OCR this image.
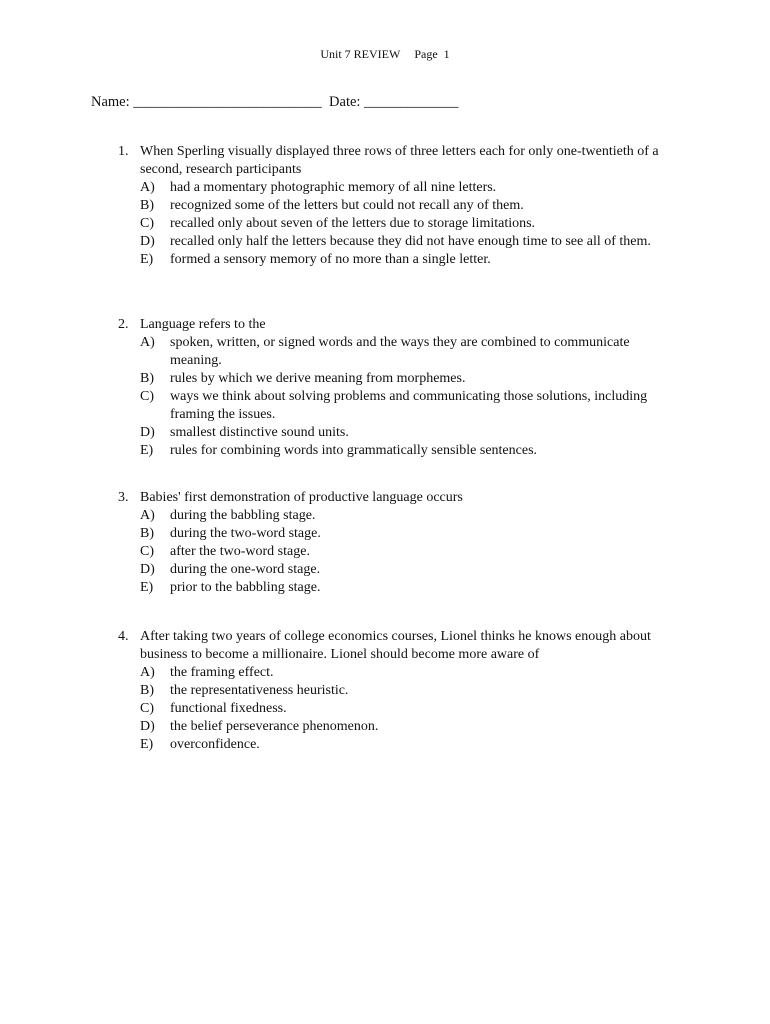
Unit 7 REVIEW Page 1
Name: __________________________ Date: _____________
1. When Sperling visually displayed three rows of three letters each for only one-twentieth of a second, research participants
A) had a momentary photographic memory of all nine letters.
B) recognized some of the letters but could not recall any of them.
C) recalled only about seven of the letters due to storage limitations.
D) recalled only half the letters because they did not have enough time to see all of them.
E) formed a sensory memory of no more than a single letter.
2. Language refers to the
A) spoken, written, or signed words and the ways they are combined to communicate meaning.
B) rules by which we derive meaning from morphemes.
C) ways we think about solving problems and communicating those solutions, including framing the issues.
D) smallest distinctive sound units.
E) rules for combining words into grammatically sensible sentences.
3. Babies' first demonstration of productive language occurs
A) during the babbling stage.
B) during the two-word stage.
C) after the two-word stage.
D) during the one-word stage.
E) prior to the babbling stage.
4. After taking two years of college economics courses, Lionel thinks he knows enough about business to become a millionaire. Lionel should become more aware of
A) the framing effect.
B) the representativeness heuristic.
C) functional fixedness.
D) the belief perseverance phenomenon.
E) overconfidence.
